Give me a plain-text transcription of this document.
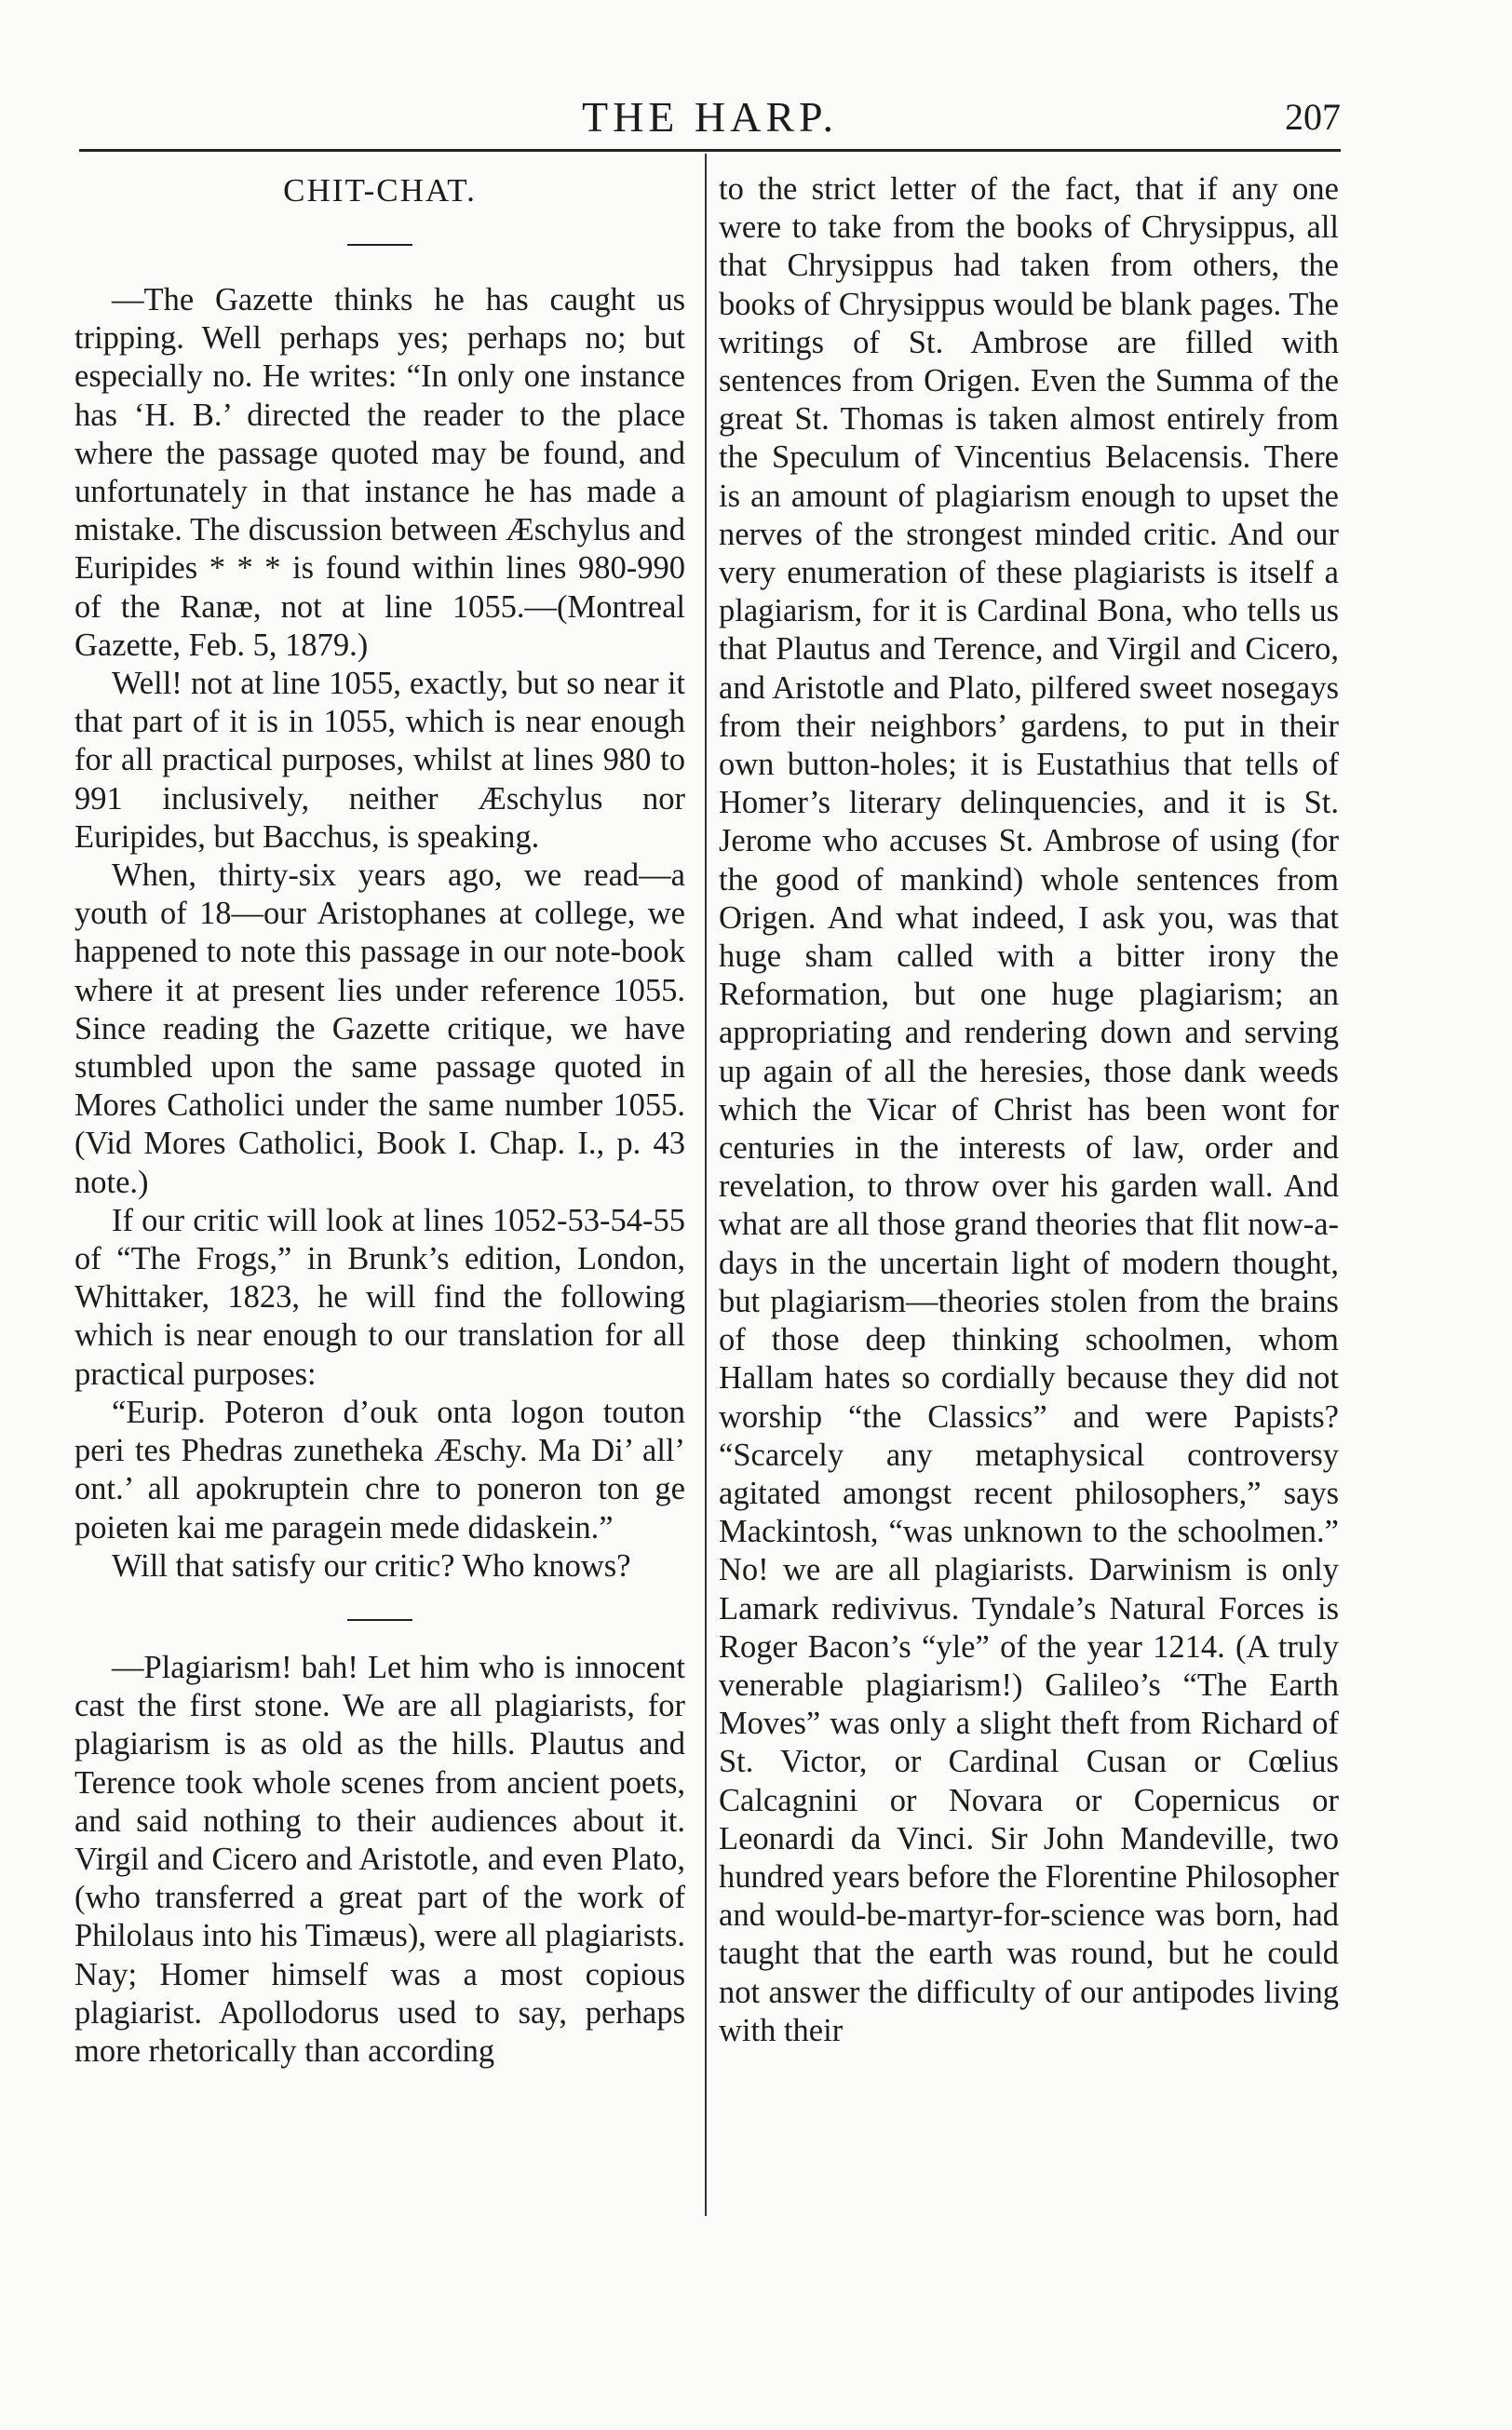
THE HARP.	207
CHIT-CHAT.

—The Gazette thinks he has caught us tripping. Well perhaps yes; perhaps no; but especially no. He writes: “In only one instance has ‘H. B.’ directed the reader to the place where the passage quoted may be found, and unfortunately in that instance he has made a mistake. The discussion between Æschylus and Euripides * * * is found within lines 980-990 of the Ranæ, not at line 1055.—(Montreal Gazette, Feb. 5, 1879.)

Well! not at line 1055, exactly, but so near it that part of it is in 1055, which is near enough for all practical purposes, whilst at lines 980 to 991 inclusively, neither Æschylus nor Euripides, but Bacchus, is speaking.

When, thirty-six years ago, we read—a youth of 18—our Aristophanes at college, we happened to note this passage in our note-book where it at present lies under reference 1055. Since reading the Gazette critique, we have stumbled upon the same passage quoted in Mores Catholici under the same number 1055. (Vid Mores Catholici, Book I. Chap. I., p. 43 note.)

If our critic will look at lines 1052-53-54-55 of “The Frogs,” in Brunk’s edition, London, Whittaker, 1823, he will find the following which is near enough to our translation for all practical purposes:

“Eurip. Poteron d’ouk onta logon touton peri tes Phedras zunetheka Æschy. Ma Di’ all’ ont.’ all apokruptein chre to poneron ton ge poieten kai me paragein mede didaskein.”

Will that satisfy our critic? Who knows?

—Plagiarism! bah! Let him who is innocent cast the first stone. We are all plagiarists, for plagiarism is as old as the hills. Plautus and Terence took whole scenes from ancient poets, and said nothing to their audiences about it. Virgil and Cicero and Aristotle, and even Plato, (who transferred a great part of the work of Philolaus into his Timæus), were all plagiarists. Nay; Homer himself was a most copious plagiarist. Apollodorus used to say, perhaps more rhetorically than according

to the strict letter of the fact, that if any one were to take from the books of Chrysippus, all that Chrysippus had taken from others, the books of Chrysippus would be blank pages. The writings of St. Ambrose are filled with sentences from Origen. Even the Summa of the great St. Thomas is taken almost entirely from the Speculum of Vincentius Belacensis. There is an amount of plagiarism enough to upset the nerves of the strongest minded critic. And our very enumeration of these plagiarists is itself a plagiarism, for it is Cardinal Bona, who tells us that Plautus and Terence, and Virgil and Cicero, and Aristotle and Plato, pilfered sweet nosegays from their neighbors’ gardens, to put in their own button-holes; it is Eustathius that tells of Homer’s literary delinquencies, and it is St. Jerome who accuses St. Ambrose of using (for the good of mankind) whole sentences from Origen. And what indeed, I ask you, was that huge sham called with a bitter irony the Reformation, but one huge plagiarism; an appropriating and rendering down and serving up again of all the heresies, those dank weeds which the Vicar of Christ has been wont for centuries in the interests of law, order and revelation, to throw over his garden wall. And what are all those grand theories that flit now-a-days in the uncertain light of modern thought, but plagiarism—theories stolen from the brains of those deep thinking schoolmen, whom Hallam hates so cordially because they did not worship “the Classics” and were Papists? “Scarcely any metaphysical controversy agitated amongst recent philosophers,” says Mackintosh, “was unknown to the schoolmen.” No! we are all plagiarists. Darwinism is only Lamark redivivus. Tyndale’s Natural Forces is Roger Bacon’s “yle” of the year 1214. (A truly venerable plagiarism!) Galileo’s “The Earth Moves” was only a slight theft from Richard of St. Victor, or Cardinal Cusan or Cœlius Calcagnini or Novara or Copernicus or Leonardi da Vinci. Sir John Mandeville, two hundred years before the Florentine Philosopher and would-be-martyr-for-science was born, had taught that the earth was round, but he could not answer the difficulty of our antipodes living with their
